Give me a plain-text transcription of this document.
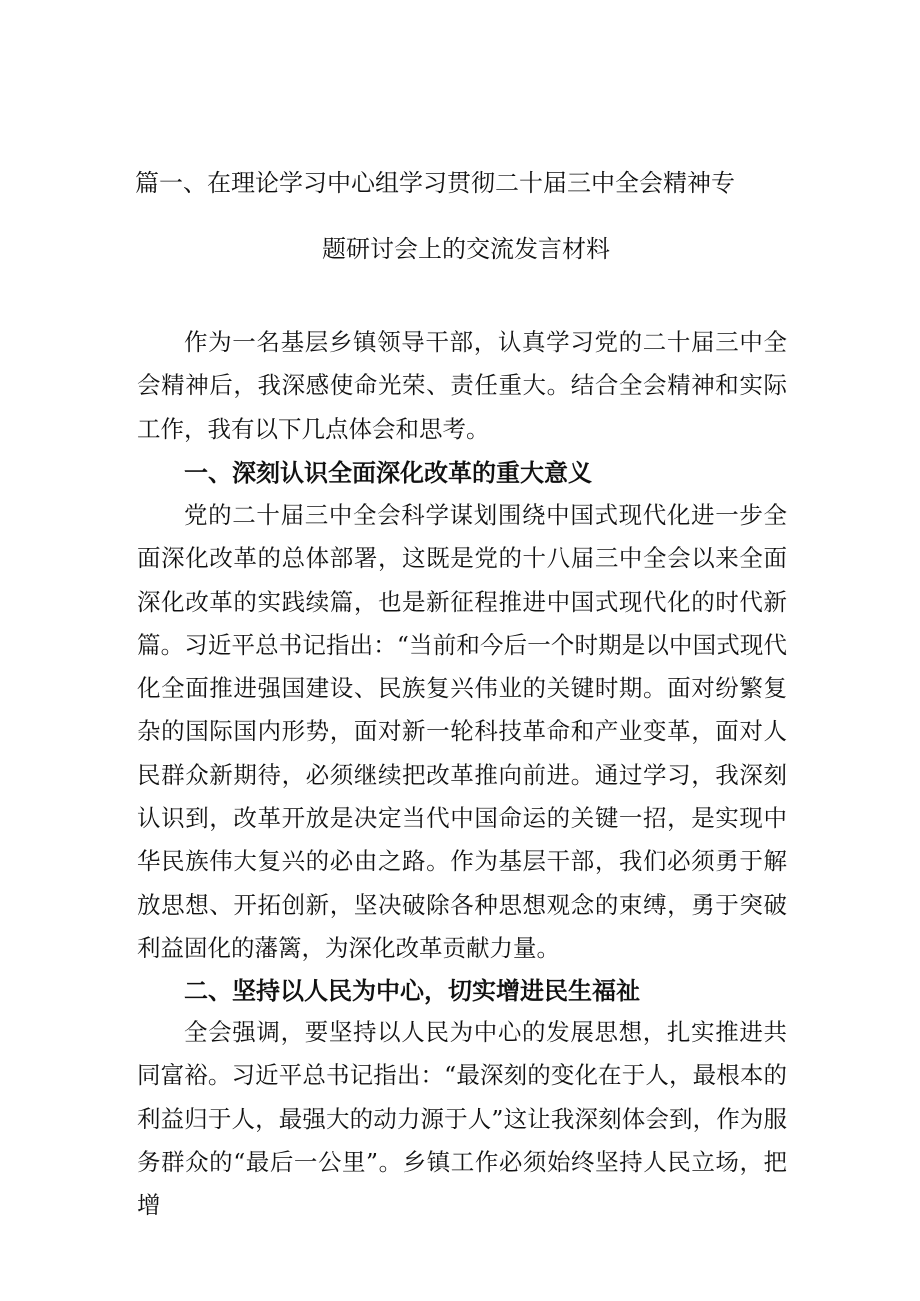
篇一、在理论学习中心组学习贯彻二十届三中全会精神专
题研讨会上的交流发言材料

作为一名基层乡镇领导干部，认真学习党的二十届三中全会精神后，我深感使命光荣、责任重大。结合全会精神和实际工作，我有以下几点体会和思考。

一、深刻认识全面深化改革的重大意义

党的二十届三中全会科学谋划围绕中国式现代化进一步全面深化改革的总体部署，这既是党的十八届三中全会以来全面深化改革的实践续篇，也是新征程推进中国式现代化的时代新篇。习近平总书记指出：“当前和今后一个时期是以中国式现代化全面推进强国建设、民族复兴伟业的关键时期。面对纷繁复杂的国际国内形势，面对新一轮科技革命和产业变革，面对人民群众新期待，必须继续把改革推向前进。通过学习，我深刻认识到，改革开放是决定当代中国命运的关键一招，是实现中华民族伟大复兴的必由之路。作为基层干部，我们必须勇于解放思想、开拓创新，坚决破除各种思想观念的束缚，勇于突破利益固化的藩篱，为深化改革贡献力量。

二、坚持以人民为中心，切实增进民生福祉

全会强调，要坚持以人民为中心的发展思想，扎实推进共同富裕。习近平总书记指出：“最深刻的变化在于人，最根本的利益归于人，最强大的动力源于人”这让我深刻体会到，作为服务群众的“最后一公里”。乡镇工作必须始终坚持人民立场，把增
